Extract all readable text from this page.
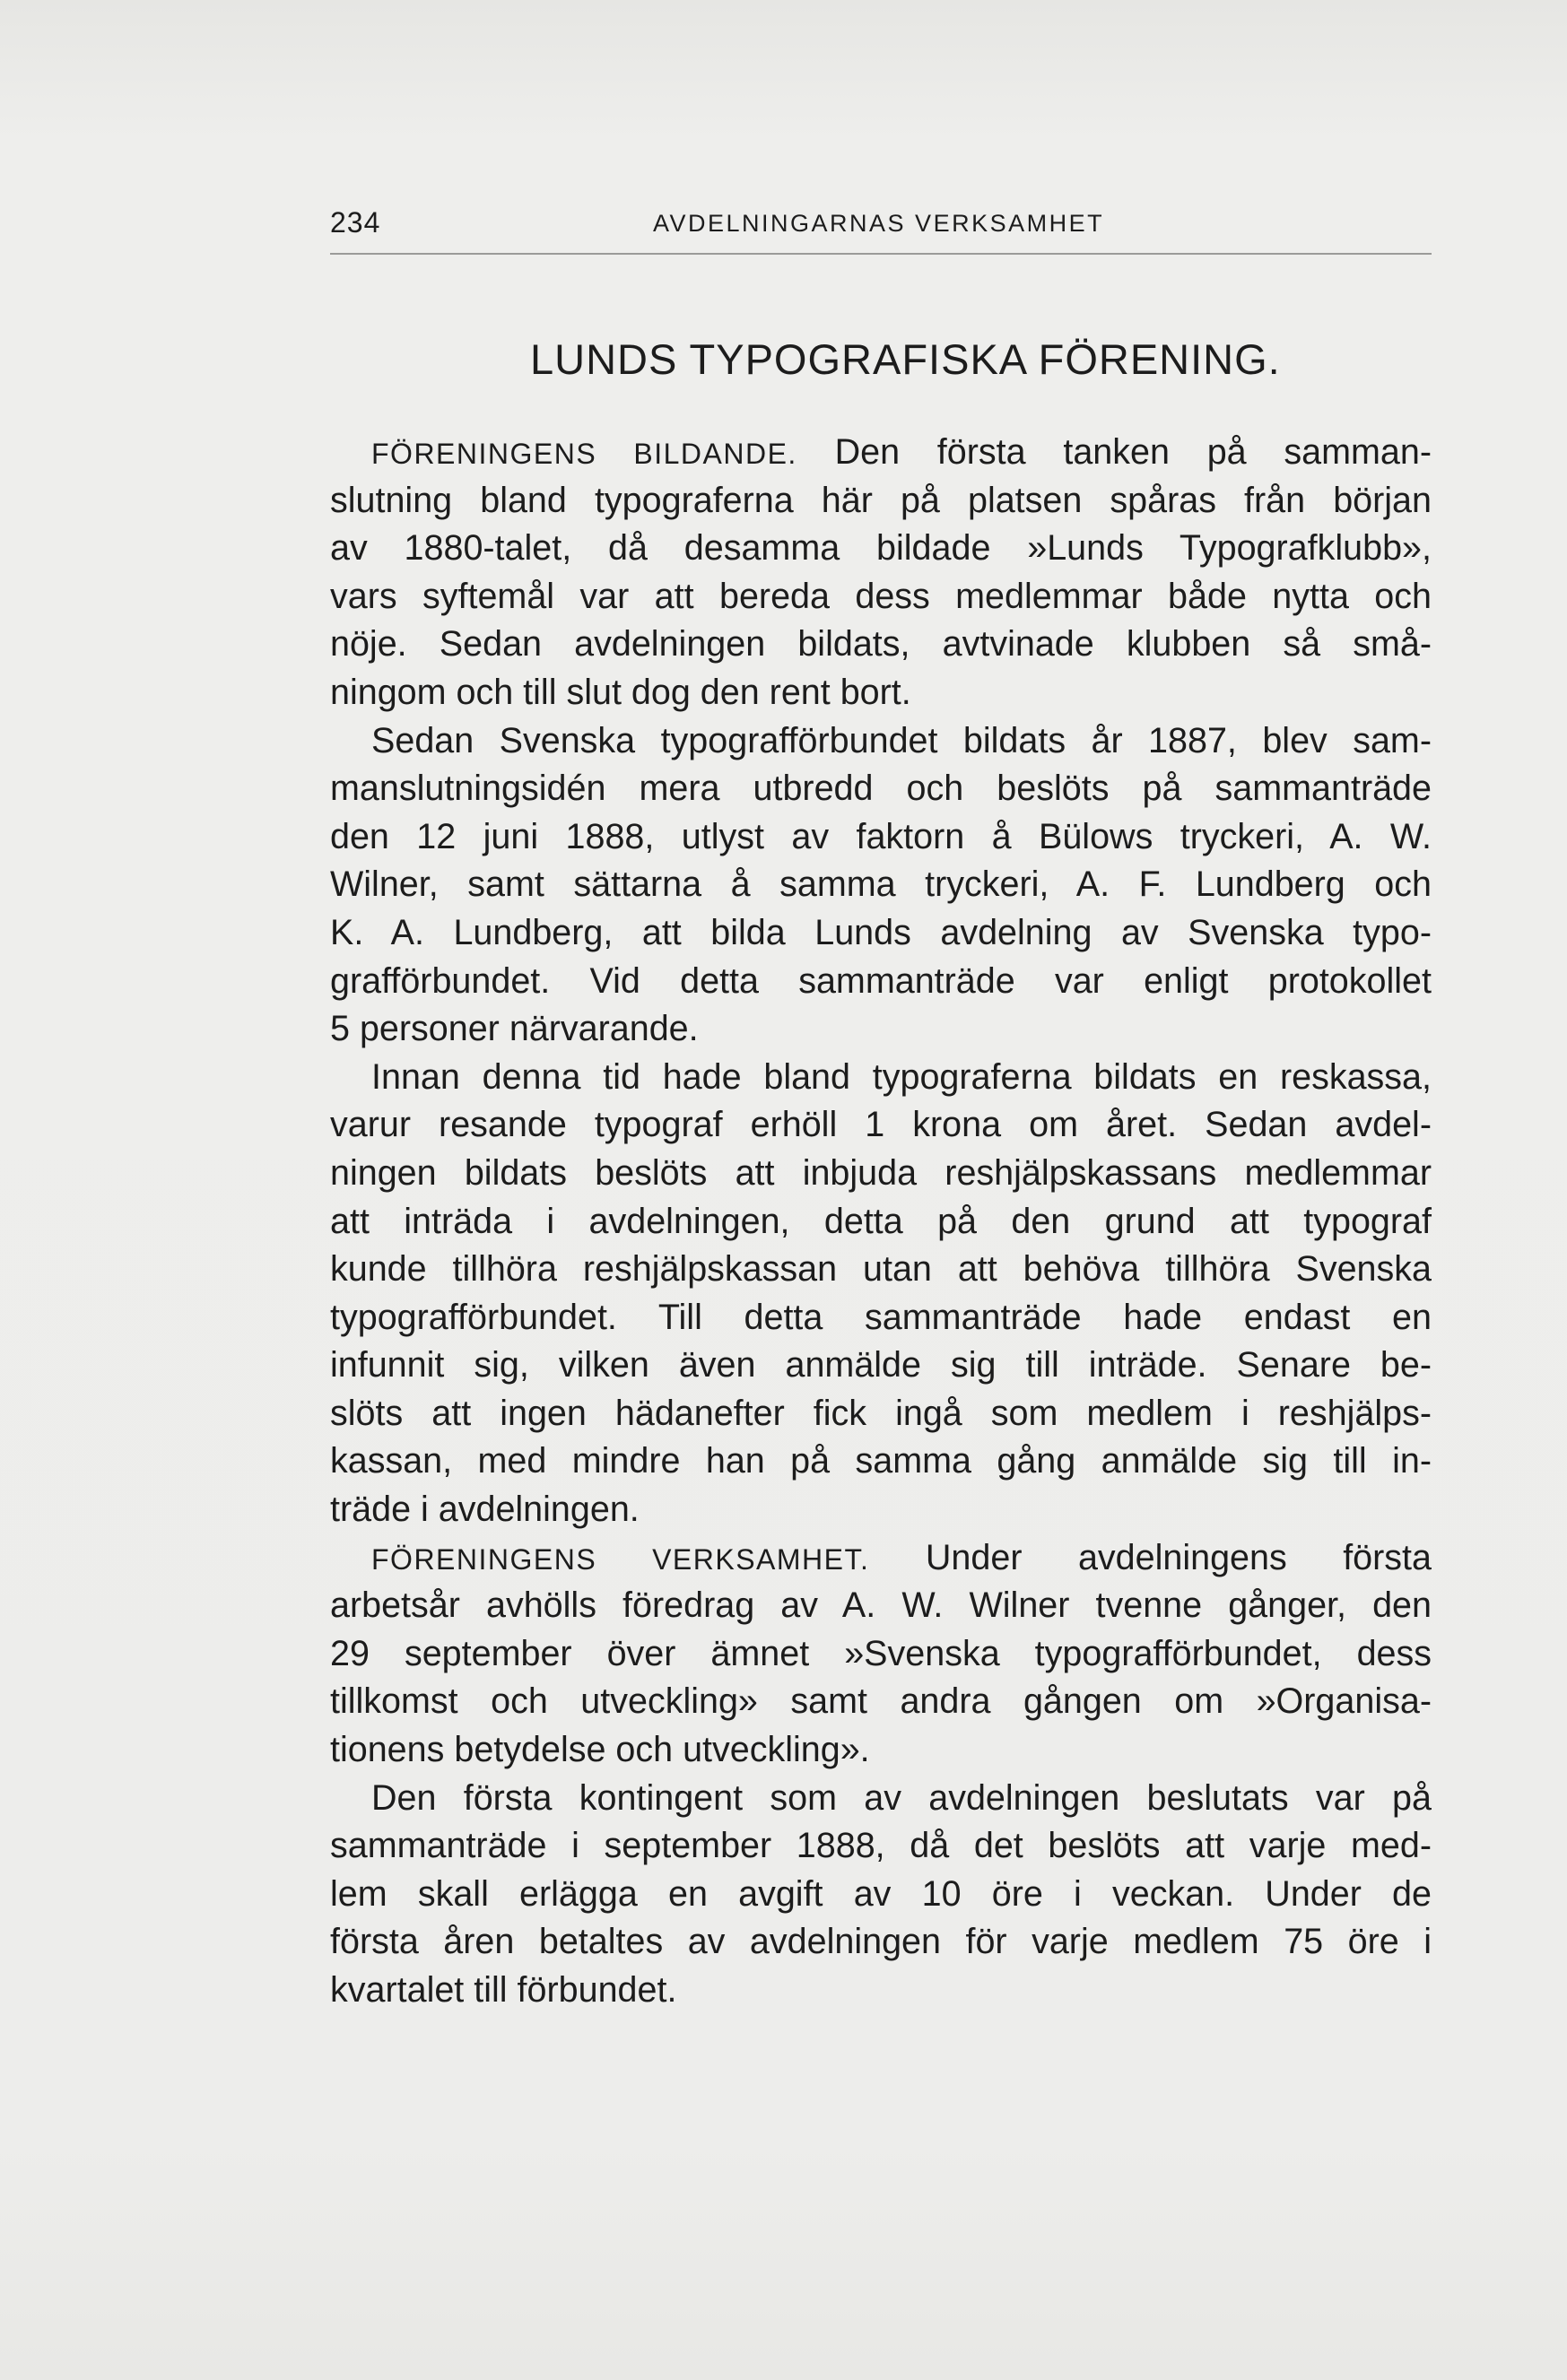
234	AVDELNINGARNAS VERKSAMHET
LUNDS TYPOGRAFISKA FÖRENING.

FÖRENINGENS BILDANDE. Den första tanken på samman-
slutning bland typograferna här på platsen spåras från början
av 1880-talet, då desamma bildade »Lunds Typografklubb»,
vars syftemål var att bereda dess medlemmar både nytta och
nöje. Sedan avdelningen bildats, avtvinade klubben så små-
ningom och till slut dog den rent bort.

Sedan Svenska typografförbundet bildats år 1887, blev sam-
manslutningsidén mera utbredd och beslöts på sammanträde
den 12 juni 1888, utlyst av faktorn å Bülows tryckeri, A. W.
Wilner, samt sättarna å samma tryckeri, A. F. Lundberg och
K. A. Lundberg, att bilda Lunds avdelning av Svenska typo-
grafförbundet. Vid detta sammanträde var enligt protokollet
5 personer närvarande.

Innan denna tid hade bland typograferna bildats en reskassa,
varur resande typograf erhöll 1 krona om året. Sedan avdel-
ningen bildats beslöts att inbjuda reshjälpskassans medlemmar
att inträda i avdelningen, detta på den grund att typograf
kunde tillhöra reshjälpskassan utan att behöva tillhöra Svenska
typografförbundet. Till detta sammanträde hade endast en
infunnit sig, vilken även anmälde sig till inträde. Senare be-
slöts att ingen hädanefter fick ingå som medlem i reshjälps-
kassan, med mindre han på samma gång anmälde sig till in-
träde i avdelningen.

FÖRENINGENS VERKSAMHET. Under avdelningens första
arbetsår avhölls föredrag av A. W. Wilner tvenne gånger, den
29 september över ämnet »Svenska typografförbundet, dess
tillkomst och utveckling» samt andra gången om »Organisa-
tionens betydelse och utveckling».

Den första kontingent som av avdelningen beslutats var på
sammanträde i september 1888, då det beslöts att varje med-
lem skall erlägga en avgift av 10 öre i veckan. Under de
första åren betaltes av avdelningen för varje medlem 75 öre i
kvartalet till förbundet.
